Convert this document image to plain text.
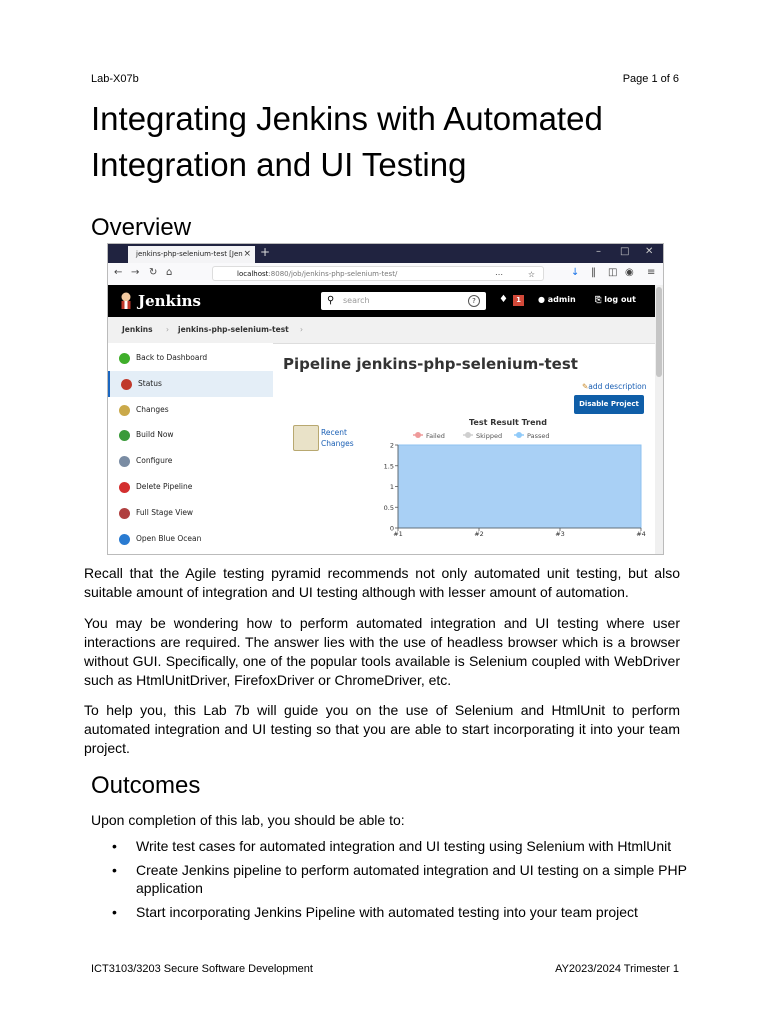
Lab-X07b	Page 1 of 6
Integrating Jenkins with Automated
Integration and UI Testing
Overview
jenkins-php-selenium-test [Jen × +	– □ ✕
← → ↻ ⌂	localhost:8080/job/jenkins-php-selenium-test/	☆
⋯	↓ ‖ ◫ ◉ ≡
Jenkins	⚲ search	?	♦	1	● admin ⎘ log out
Jenkins › jenkins-php-selenium-test ›
Back to Dashboard
Status
Changes
Build Now
Configure
Delete Pipeline
Full Stage View
Open Blue Ocean
Pipeline jenkins-php-selenium-test
✎add description
Disable Project
Recent
Changes
Test Result Trend
Failed	Skipped	Passed
0
0.5
1
1.5
2
#1	#2	#3	#4

Recall that the Agile testing pyramid recommends not only automated unit testing, but also suitable amount of integration and UI testing although with lesser amount of automation.

You may be wondering how to perform automated integration and UI testing where user interactions are required. The answer lies with the use of headless browser which is a browser without GUI. Specifically, one of the popular tools available is Selenium coupled with WebDriver such as HtmlUnitDriver, FirefoxDriver or ChromeDriver, etc.

To help you, this Lab 7b will guide you on the use of Selenium and HtmlUnit to perform automated integration and UI testing so that you are able to start incorporating it into your team project.

Outcomes
Upon completion of this lab, you should be able to:
• Write test cases for automated integration and UI testing using Selenium with HtmlUnit
• Create Jenkins pipeline to perform automated integration and UI testing on a simple PHP application
• Start incorporating Jenkins Pipeline with automated testing into your team project
ICT3103/3203 Secure Software Development	AY2023/2024 Trimester 1
